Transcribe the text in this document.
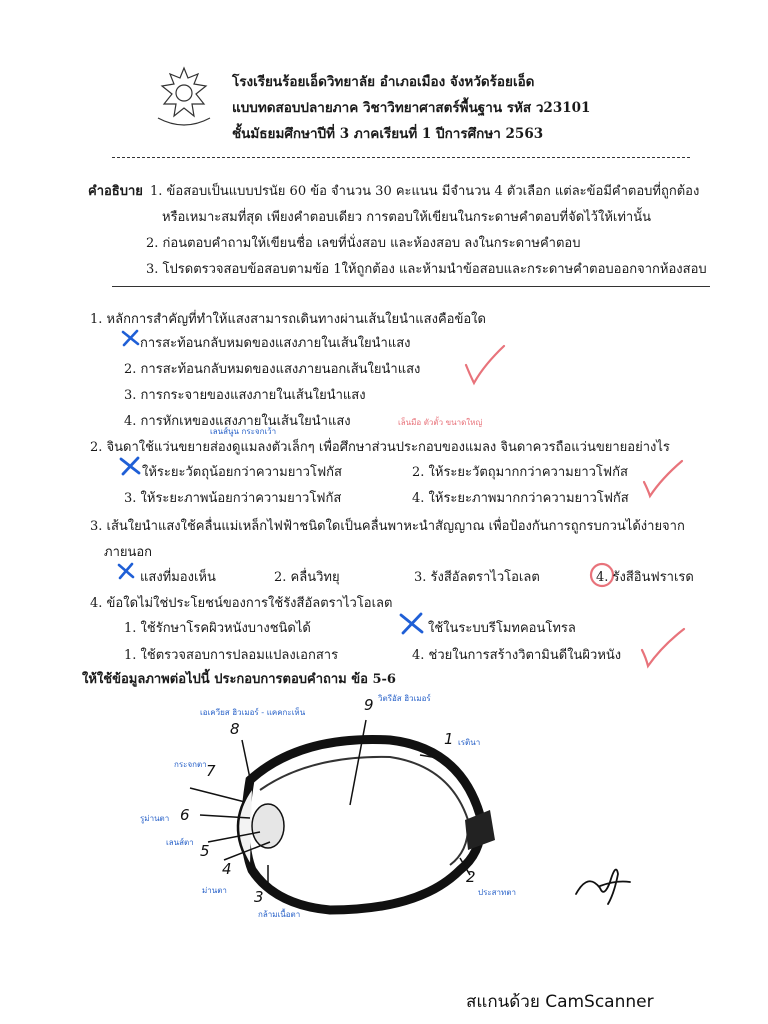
โรงเรียนร้อยเอ็ดวิทยาลัย อำเภอเมือง จังหวัดร้อยเอ็ด
แบบทดสอบปลายภาค วิชาวิทยาศาสตร์พื้นฐาน รหัส ว23101
ชั้นมัธยมศึกษาปีที่ 3 ภาคเรียนที่ 1 ปีการศึกษา 2563
คำอธิบาย 1. ข้อสอบเป็นแบบปรนัย 60 ข้อ จำนวน 30 คะแนน มีจำนวน 4 ตัวเลือก แต่ละข้อมีคำตอบที่ถูกต้อง
หรือเหมาะสมที่สุด เพียงคำตอบเดียว การตอบให้เขียนในกระดาษคำตอบที่จัดไว้ให้เท่านั้น
2. ก่อนตอบคำถามให้เขียนชื่อ เลขที่นั่งสอบ และห้องสอบ ลงในกระดาษคำตอบ
3. โปรดตรวจสอบข้อสอบตามข้อ 1ให้ถูกต้อง และห้ามนำข้อสอบและกระดาษคำตอบออกจากห้องสอบ
1. หลักการสำคัญที่ทำให้แสงสามารถเดินทางผ่านเส้นใยนำแสงคือข้อใด
การสะท้อนกลับหมดของแสงภายในเส้นใยนำแสง
2. การสะท้อนกลับหมดของแสงภายนอกเส้นใยนำแสง
3. การกระจายของแสงภายในเส้นใยนำแสง
4. การหักเหของแสงภายในเส้นใยนำแสง
เลนส์นูน กระจกเว้า
เล็นมือ ตัวตั้ว ขนาดใหญ่
2. จินดาใช้แว่นขยายส่องดูแมลงตัวเล็กๆ เพื่อศึกษาส่วนประกอบของแมลง จินดาควรถือแว่นขยายอย่างไร
ให้ระยะวัตถุน้อยกว่าความยาวโฟกัส	2. ให้ระยะวัตถุมากกว่าความยาวโฟกัส
3. ให้ระยะภาพน้อยกว่าความยาวโฟกัส	4. ให้ระยะภาพมากกว่าความยาวโฟกัส
3. เส้นใยนำแสงใช้คลื่นแม่เหล็กไฟฟ้าชนิดใดเป็นคลื่นพาหะนำสัญญาณ เพื่อป้องกันการถูกรบกวนได้ง่ายจาก
ภายนอก
แสงที่มองเห็น	2. คลื่นวิทยุ	3. รังสีอัลตราไวโอเลต	4. รังสีอินฟราเรด
4. ข้อใดไม่ใช่ประโยชน์ของการใช้รังสีอัลตราไวโอเลต
1. ใช้รักษาโรคผิวหนังบางชนิดได้	ใช้ในระบบรีโมทคอนโทรล
1. ใช้ตรวจสอบการปลอมแปลงเอกสาร	4. ช่วยในการสร้างวิตามินดีในผิวหนัง
ให้ใช้ข้อมูลภาพต่อไปนี้ ประกอบการตอบคำถาม ข้อ 5-6
9
8
7
6
5
4
3
2
1
วิตรีอัส ฮิวเมอร์
เอเควียส ฮิวเมอร์ - แคคกะเห็น
กระจกตา
รูม่านตา
เลนส์ตา
ม่านตา
กล้ามเนื้อตา
ประสาทตา
เรตินา
สแกนด้วย CamScanner
